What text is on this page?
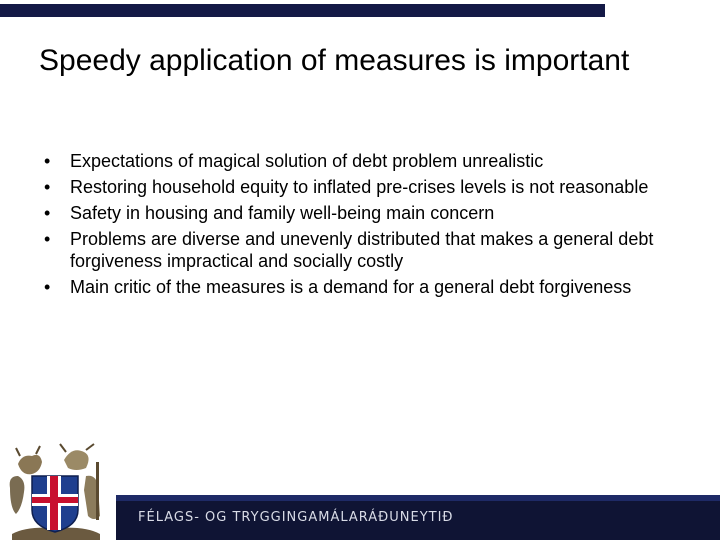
Speedy application of measures is important
• Expectations of magical solution of debt problem unrealistic
• Restoring household equity to inflated pre-crises levels is not reasonable
• Safety in housing and family well-being main concern
• Problems are diverse and unevenly distributed that makes a general debt forgiveness impractical and socially costly
• Main critic of the measures is a demand for a general debt forgiveness
FÉLAGS- OG TRYGGINGAMÁLARÁÐUNEYTIÐ
